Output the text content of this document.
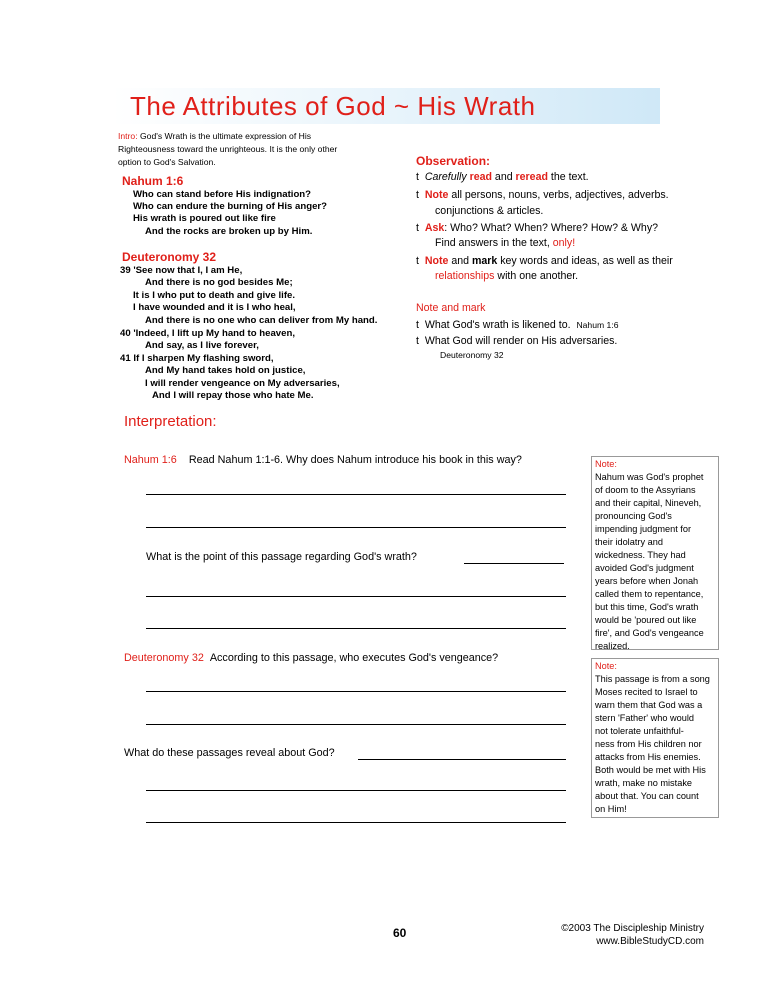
The Attributes of God ~ His Wrath
Intro: God's Wrath is the ultimate expression of His
Righteousness toward the unrighteous. It is the only other
option to God's Salvation.
Nahum 1:6
Who can stand before His indignation?
Who can endure the burning of His anger?
His wrath is poured out like fire
And the rocks are broken up by Him.
Deuteronomy 32
39 'See now that I, I am He,
And there is no god besides Me;
It is I who put to death and give life.
I have wounded and it is I who heal,
And there is no one who can deliver from My hand.
40 'Indeed, I lift up My hand to heaven,
And say, as I live forever,
41 If I sharpen My flashing sword,
And My hand takes hold on justice,
I will render vengeance on My adversaries,
And I will repay those who hate Me.
Observation:
t Carefully read and reread the text.
t Note all persons, nouns, verbs, adjectives, adverbs.
conjunctions & articles.
t Ask: Who? What? When? Where? How? & Why?
Find answers in the text, only!
t Note and mark key words and ideas, as well as their
relationships with one another.
Note and mark
t What God's wrath is likened to. Nahum 1:6
t What God will render on His adversaries.
Deuteronomy 32
Interpretation:
Nahum 1:6 Read Nahum 1:1-6. Why does Nahum introduce his book in this way?
What is the point of this passage regarding God's wrath?
Deuteronomy 32 According to this passage, who executes God's vengeance?
What do these passages reveal about God?
Note:
Nahum was God's prophet
of doom to the Assyrians
and their capital, Nineveh,
pronouncing God's
impending judgment for
their idolatry and
wickedness. They had
avoided God's judgment
years before when Jonah
called them to repentance,
but this time, God's wrath
would be 'poured out like
fire', and God's vengeance
realized.
Note:
This passage is from a song
Moses recited to Israel to
warn them that God was a
stern 'Father' who would
not tolerate unfaithful-
ness from His children nor
attacks from His enemies.
Both would be met with His
wrath, make no mistake
about that. You can count
on Him!
60	©2003 The Discipleship Ministry
www.BibleStudyCD.com
